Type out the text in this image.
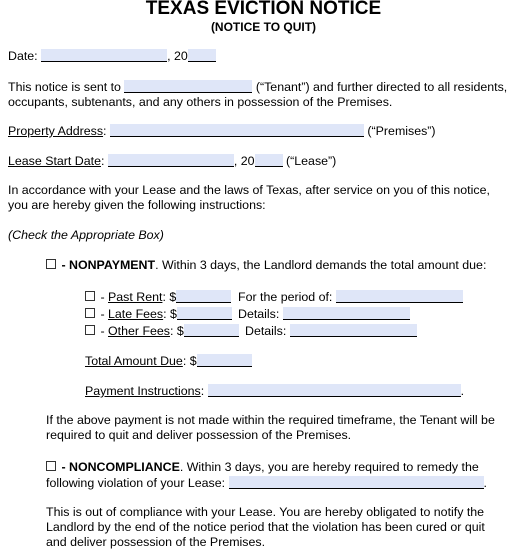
TEXAS EVICTION NOTICE
(NOTICE TO QUIT)
Date:	, 20
This notice is sent to	(“Tenant”) and further directed to all residents,
occupants, subtenants, and any others in possession of the Premises.
Property Address:	(“Premises”)
Lease Start Date:	, 20	(“Lease”)
In accordance with your Lease and the laws of Texas, after service on you of this notice,
you are hereby given the following instructions:
(Check the Appropriate Box)
- NONPAYMENT. Within 3 days, the Landlord demands the total amount due:
- Past Rent: $	For the period of:
- Late Fees: $	Details:
- Other Fees: $	Details:
Total Amount Due: $
Payment Instructions:	.
If the above payment is not made within the required timeframe, the Tenant will be
required to quit and deliver possession of the Premises.
- NONCOMPLIANCE. Within 3 days, you are hereby required to remedy the
following violation of your Lease:	.
This is out of compliance with your Lease. You are hereby obligated to notify the
Landlord by the end of the notice period that the violation has been cured or quit
and deliver possession of the Premises.
